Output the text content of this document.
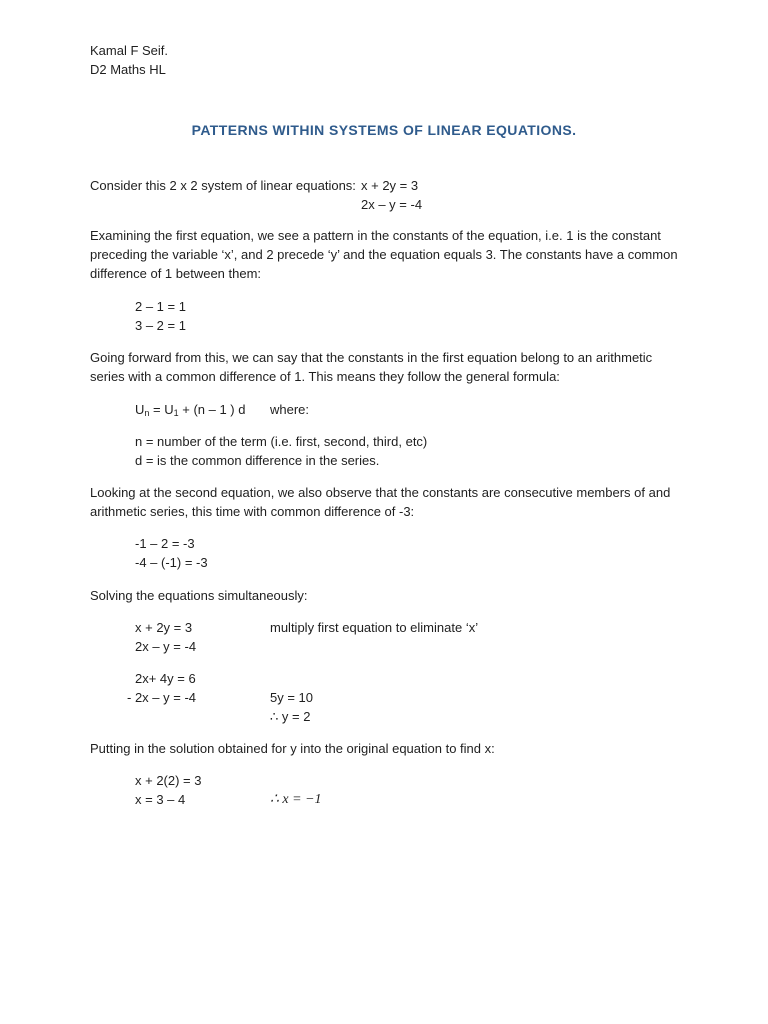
Kamal F Seif.
D2 Maths HL
PATTERNS WITHIN SYSTEMS OF LINEAR EQUATIONS.
Consider this 2 x 2 system of linear equations: x + 2y = 3
2x – y = -4
Examining the first equation, we see a pattern in the constants of the equation, i.e. 1 is the constant preceding the variable ‘x’, and 2 precede ‘y’ and the equation equals 3. The constants have a common difference of 1 between them:
2 – 1 = 1
3 – 2 = 1
Going forward from this, we can say that the constants in the first equation belong to an arithmetic series with a common difference of 1. This means they follow the general formula:
$U_n = U_1 + (n - 1$ ) d where:
n = number of the term (i.e. first, second, third, etc)
d = is the common difference in the series.
Looking at the second equation, we also observe that the constants are consecutive members of and arithmetic series, this time with common difference of -3:
-1 – 2 = -3
-4 – (-1) = -3
Solving the equations simultaneously:
x + 2y = 3	multiply first equation to eliminate ‘x’
2x – y = -4
2x+ 4y = 6
- 2x – y = -4	5y = 10
∴ y = 2
Putting in the solution obtained for y into the original equation to find x:
x + 2(2) = 3
x = 3 – 4	∴ x = −1
